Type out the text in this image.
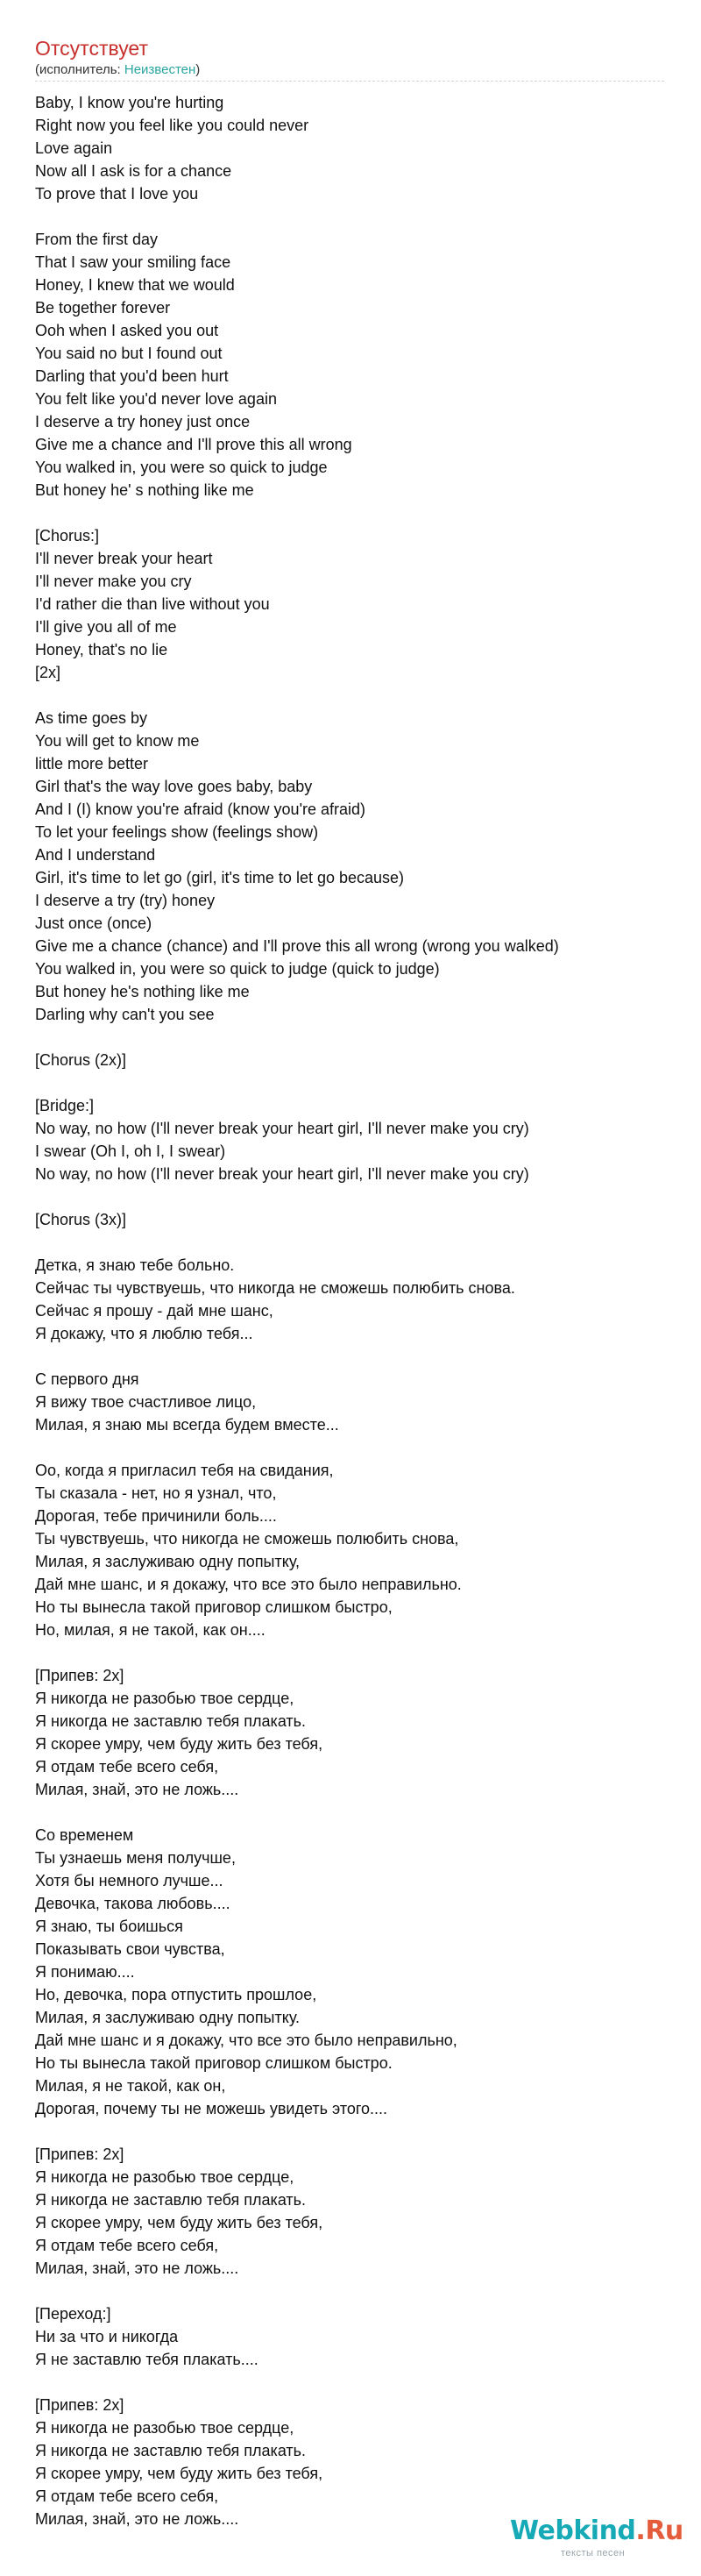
Отсутствует
(исполнитель: Неизвестен)
Baby, I know you're hurting
Right now you feel like you could never
Love again
Now all I ask is for a chance
To prove that I love you
From the first day
That I saw your smiling face
Honey, I knew that we would
Be together forever
Ooh when I asked you out
You said no but I found out
Darling that you'd been hurt
You felt like you'd never love again
I deserve a try honey just once
Give me a chance and I'll prove this all wrong
You walked in, you were so quick to judge
But honey he' s nothing like me
[Chorus:]
I'll never break your heart
I'll never make you cry
I'd rather die than live without you
I'll give you all of me
Honey, that's no lie
[2x]
As time goes by
You will get to know me
little more better
Girl that's the way love goes baby, baby
And I (I) know you're afraid (know you're afraid)
To let your feelings show (feelings show)
And I understand
Girl, it's time to let go (girl, it's time to let go because)
I deserve a try (try) honey
Just once (once)
Give me a chance (chance) and I'll prove this all wrong (wrong you walked)
You walked in, you were so quick to judge (quick to judge)
But honey he's nothing like me
Darling why can't you see
[Chorus (2x)]
[Bridge:]
No way, no how (I'll never break your heart girl, I'll never make you cry)
I swear (Oh I, oh I, I swear)
No way, no how (I'll never break your heart girl, I'll never make you cry)
[Chorus (3x)]
Детка, я знаю тебе больно.
Сейчас ты чувствуешь, что никогда не сможешь полюбить снова.
Сейчас я прошу - дай мне шанс,
Я докажу, что я люблю тебя...
С первого дня
Я вижу твое счастливое лицо,
Милая, я знаю мы всегда будем вместе...
Оо, когда я пригласил тебя на свидания,
Ты сказала - нет, но я узнал, что,
Дорогая, тебе причинили боль....
Ты чувствуешь, что никогда не сможешь полюбить снова,
Милая, я заслуживаю одну попытку,
Дай мне шанс, и я докажу, что все это было неправильно.
Но ты вынесла такой приговор слишком быстро,
Но, милая, я не такой, как он....
[Припев: 2x]
Я никогда не разобью твое сердце,
Я никогда не заставлю тебя плакать.
Я скорее умру, чем буду жить без тебя,
Я отдам тебе всего себя,
Милая, знай, это не ложь....
Со временем
Ты узнаешь меня получше,
Хотя бы немного лучше...
Девочка, такова любовь....
Я знаю, ты боишься
Показывать свои чувства,
Я понимаю....
Но, девочка, пора отпустить прошлое,
Милая, я заслуживаю одну попытку.
Дай мне шанс и я докажу, что все это было неправильно,
Но ты вынесла такой приговор слишком быстро.
Милая, я не такой, как он,
Дорогая, почему ты не можешь увидеть этого....
[Припев: 2x]
Я никогда не разобью твое сердце,
Я никогда не заставлю тебя плакать.
Я скорее умру, чем буду жить без тебя,
Я отдам тебе всего себя,
Милая, знай, это не ложь....
[Переход:]
Ни за что и никогда
Я не заставлю тебя плакать....
[Припев: 2x]
Я никогда не разобью твое сердце,
Я никогда не заставлю тебя плакать.
Я скорее умру, чем буду жить без тебя,
Я отдам тебе всего себя,
Милая, знай, это не ложь....	Webkind.Ru
тексты песен
